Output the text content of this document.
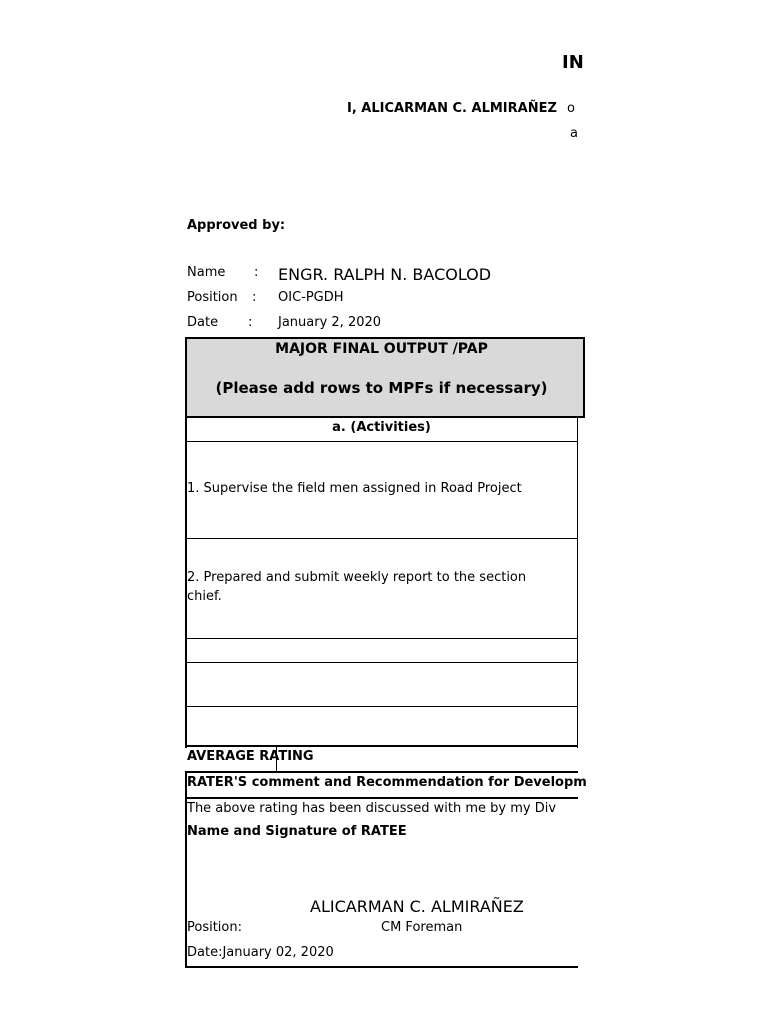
IN
I, ALICARMAN C. ALMIRAÑEZ o
a
Approved by:
Name : ENGR. RALPH N. BACOLOD
Position : OIC-PGDH
Date : January 2, 2020
MAJOR FINAL OUTPUT /PAP
(Please add rows to MPFs if necessary)
a. (Activities)
1. Supervise the field men assigned in Road Project
2. Prepared and submit weekly report to the section
chief.
AVERAGE RATING
RATER'S comment and Recommendation for Developm
The above rating has been discussed with me by my Div
Name and Signature of RATEE
ALICARMAN C. ALMIRAÑEZ
Position:	CM Foreman
Date:January 02, 2020
